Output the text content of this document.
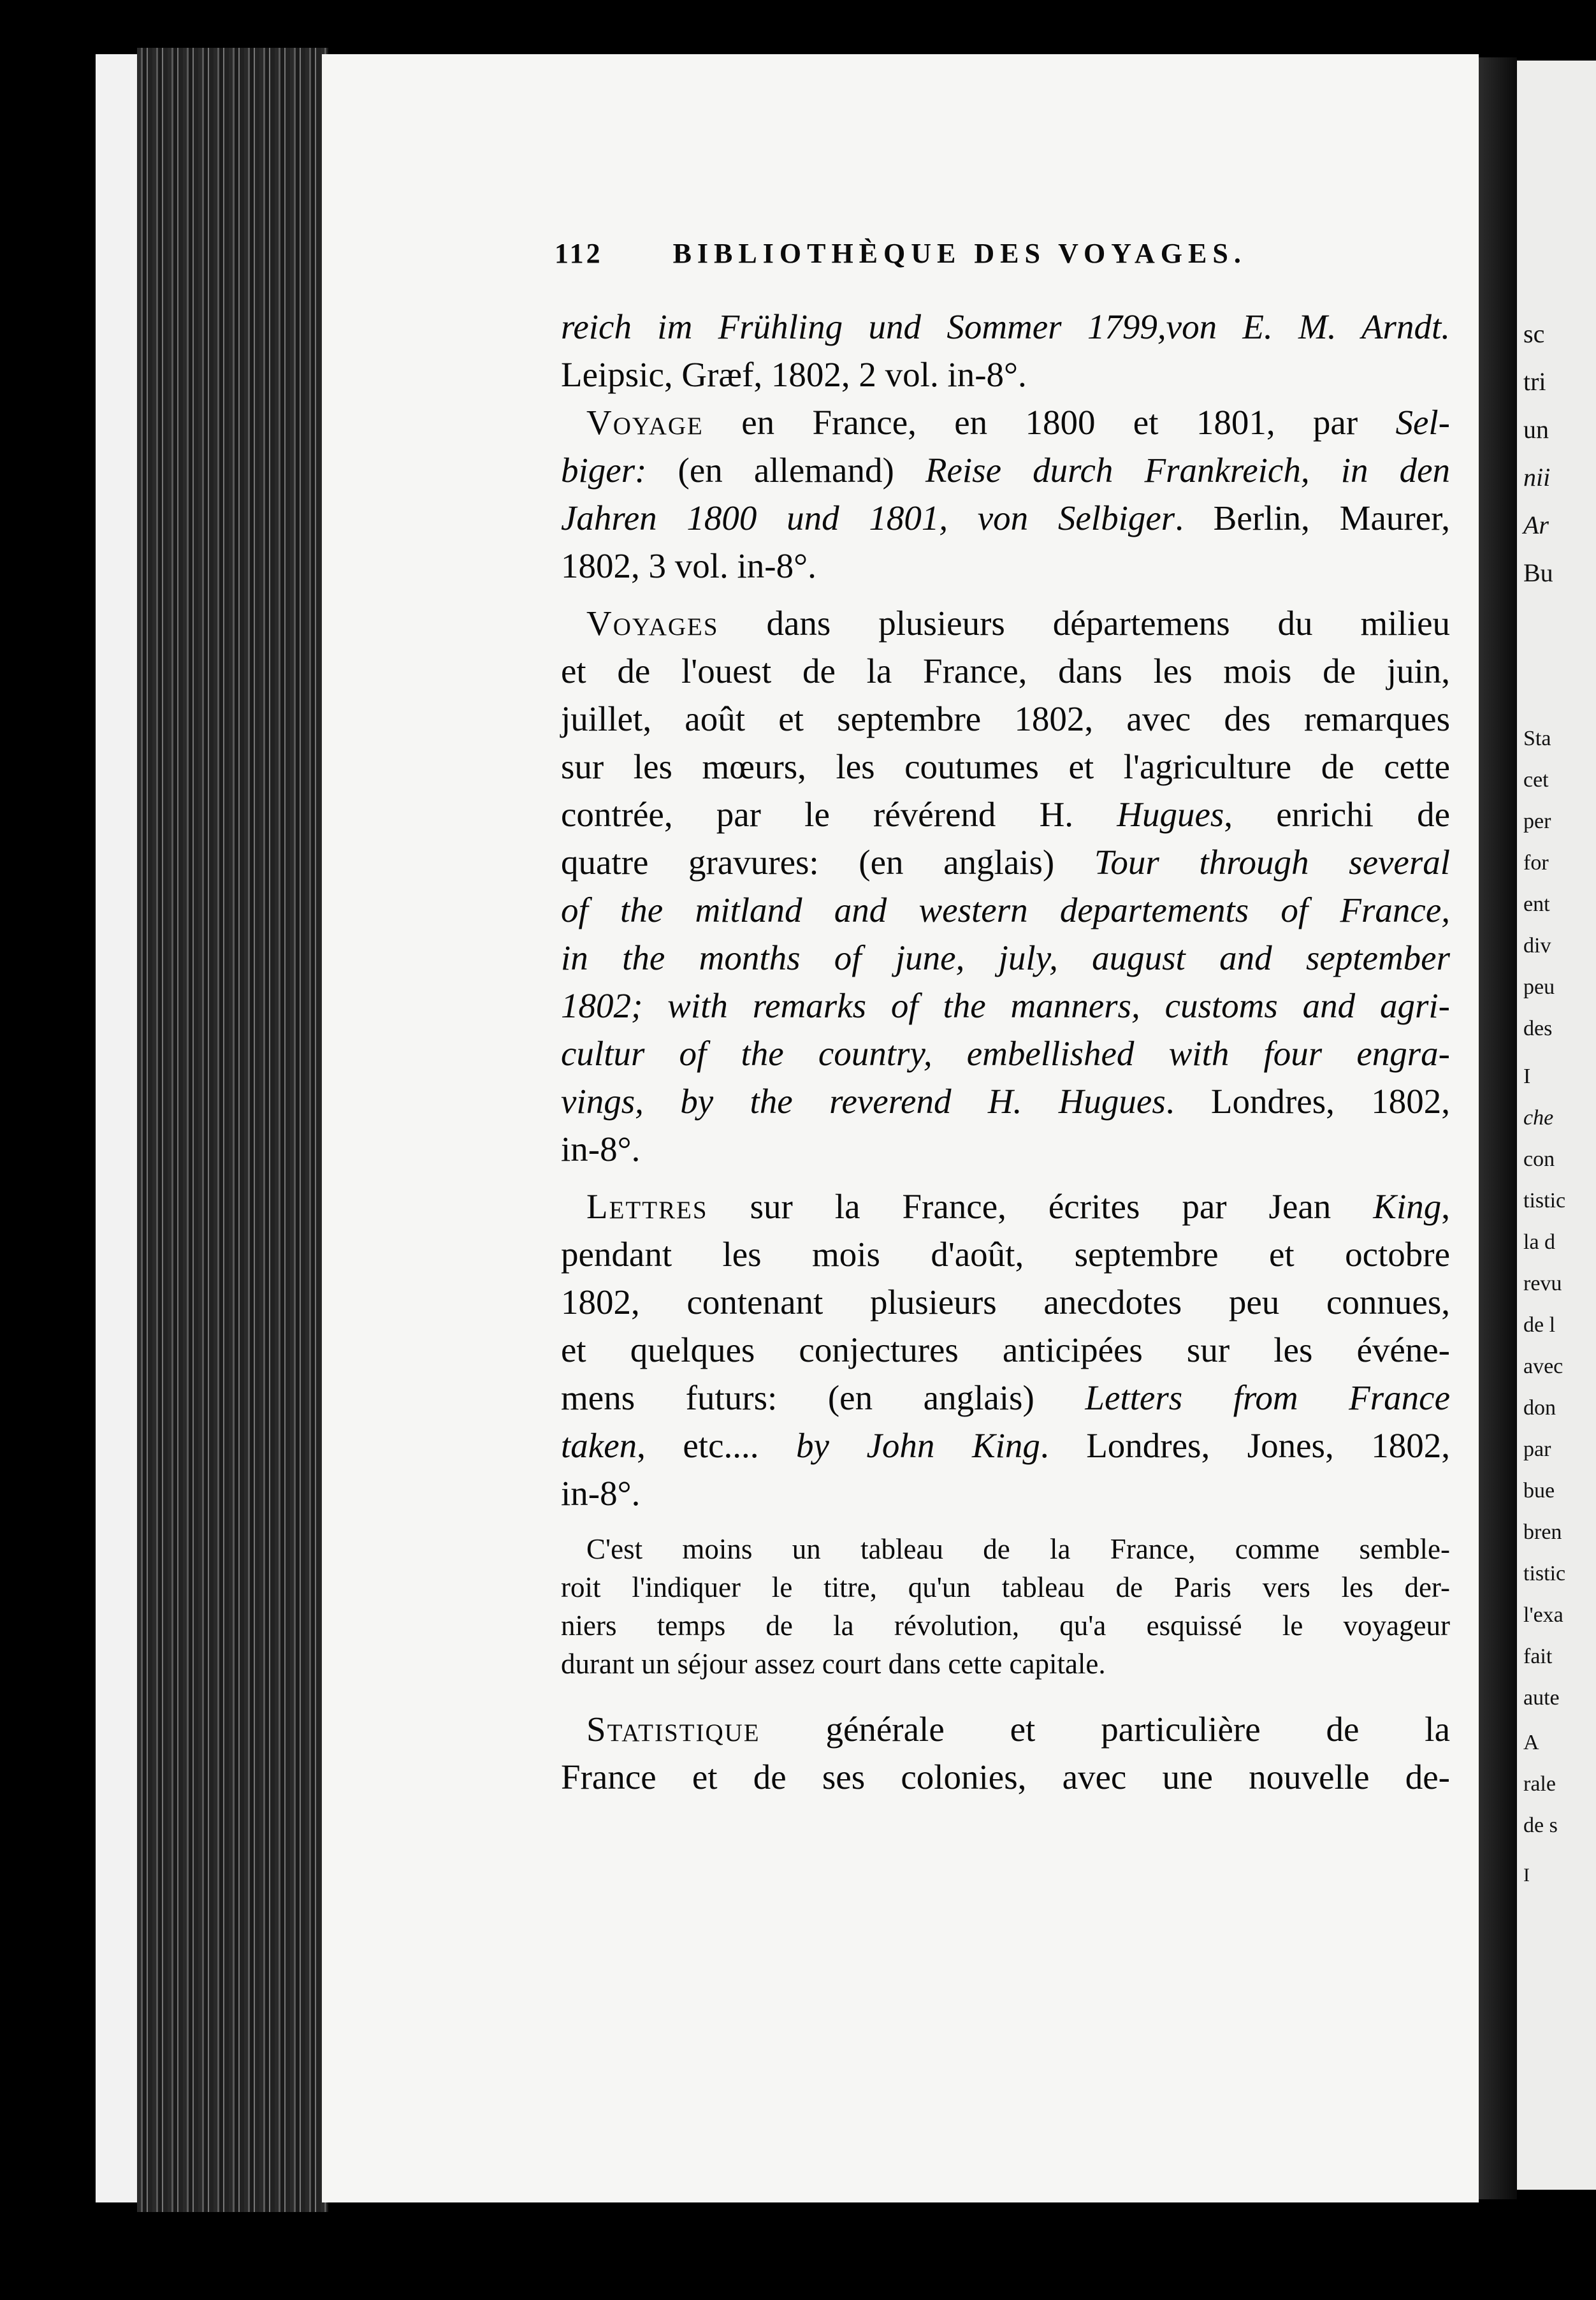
sc
tri
un
nii
Ar
Bu
Sta
cet
per
for
ent
div
peu
des
I
che
con
tistic
la d
revu
de l
avec
don
par
bue
bren
tistic
l'exa
fait
aute
A
rale
de s
I
112	BIBLIOTHÈQUE DES VOYAGES.
reich im Frühling und Sommer 1799,von E. M. Arndt.
Leipsic, Græf, 1802, 2 vol. in-8°.
Voyage en France, en 1800 et 1801, par Sel-
biger: (en allemand) Reise durch Frankreich, in den
Jahren 1800 und 1801, von Selbiger. Berlin, Maurer,
1802, 3 vol. in-8°.
Voyages dans plusieurs départemens du milieu
et de l'ouest de la France, dans les mois de juin,
juillet, août et septembre 1802, avec des remarques
sur les mœurs, les coutumes et l'agriculture de cette
contrée, par le révérend H. Hugues, enrichi de
quatre gravures: (en anglais) Tour through several
of the mitland and western departements of France,
in the months of june, july, august and september
1802; with remarks of the manners, customs and agri-
cultur of the country, embellished with four engra-
vings, by the reverend H. Hugues. Londres, 1802,
in-8°.
Lettres sur la France, écrites par Jean King,
pendant les mois d'août, septembre et octobre
1802, contenant plusieurs anecdotes peu connues,
et quelques conjectures anticipées sur les événe-
mens futurs: (en anglais) Letters from France
taken, etc.... by John King. Londres, Jones, 1802,
in-8°.
C'est moins un tableau de la France, comme semble-
roit l'indiquer le titre, qu'un tableau de Paris vers les der-
niers temps de la révolution, qu'a esquissé le voyageur
durant un séjour assez court dans cette capitale.
Statistique générale et particulière de la
France et de ses colonies, avec une nouvelle de-
